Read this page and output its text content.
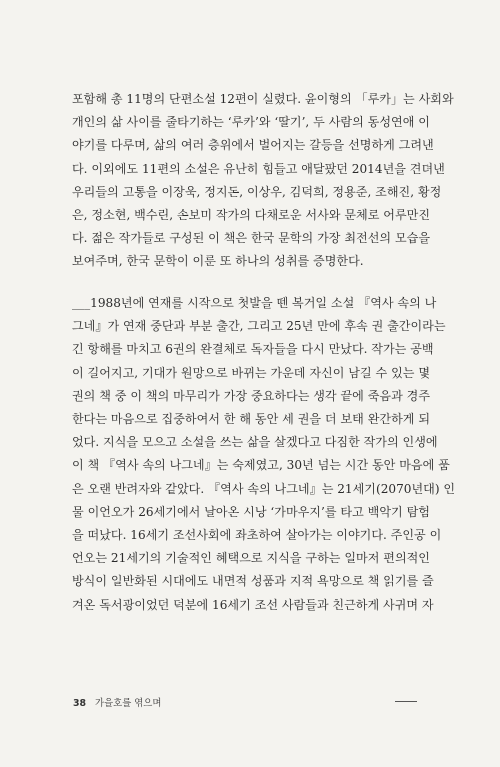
포함해 총 11명의 단편소설 12편이 실렸다. 윤이형의 「루카」는 사회와
개인의 삶 사이를 줄타기하는 ‘루카’와 ‘딸기’, 두 사람의 동성연애 이
야기를 다루며, 삶의 여러 층위에서 벌어지는 갈등을 선명하게 그려낸
다. 이외에도 11편의 소설은 유난히 힘들고 애달팠던 2014년을 견뎌낸
우리들의 고통을 이장욱, 정지돈, 이상우, 김덕희, 정용준, 조해진, 황정
은, 정소현, 백수린, 손보미 작가의 다채로운 서사와 문체로 어루만진
다. 젊은 작가들로 구성된 이 책은 한국 문학의 가장 최전선의 모습을
보여주며, 한국 문학이 이룬 또 하나의 성취를 증명한다.

___1988년에 연재를 시작으로 첫발을 뗀 복거일 소설 『역사 속의 나
그네』가 연재 중단과 부분 출간, 그리고 25년 만에 후속 권 출간이라는
긴 항해를 마치고 6권의 완결체로 독자들을 다시 만났다. 작가는 공백
이 길어지고, 기대가 원망으로 바뀌는 가운데 자신이 남길 수 있는 몇
권의 책 중 이 책의 마무리가 가장 중요하다는 생각 끝에 죽음과 경주
한다는 마음으로 집중하여서 한 해 동안 세 권을 더 보태 완간하게 되
었다. 지식을 모으고 소설을 쓰는 삶을 살겠다고 다짐한 작가의 인생에
이 책 『역사 속의 나그네』는 숙제였고, 30년 넘는 시간 동안 마음에 품
은 오랜 반려자와 같았다. 『역사 속의 나그네』는 21세기(2070년대) 인
물 이언오가 26세기에서 날아온 시낭 ‘가마우지’를 타고 백악기 탐험
을 떠났다. 16세기 조선사회에 좌초하여 살아가는 이야기다. 주인공 이
언오는 21세기의 기술적인 혜택으로 지식을 구하는 일마저 편의적인
방식이 일반화된 시대에도 내면적 성품과 지적 욕망으로 책 읽기를 즐
겨온 독서광이었던 덕분에 16세기 조선 사람들과 친근하게 사귀며 자

38 가을호를 엮으며
